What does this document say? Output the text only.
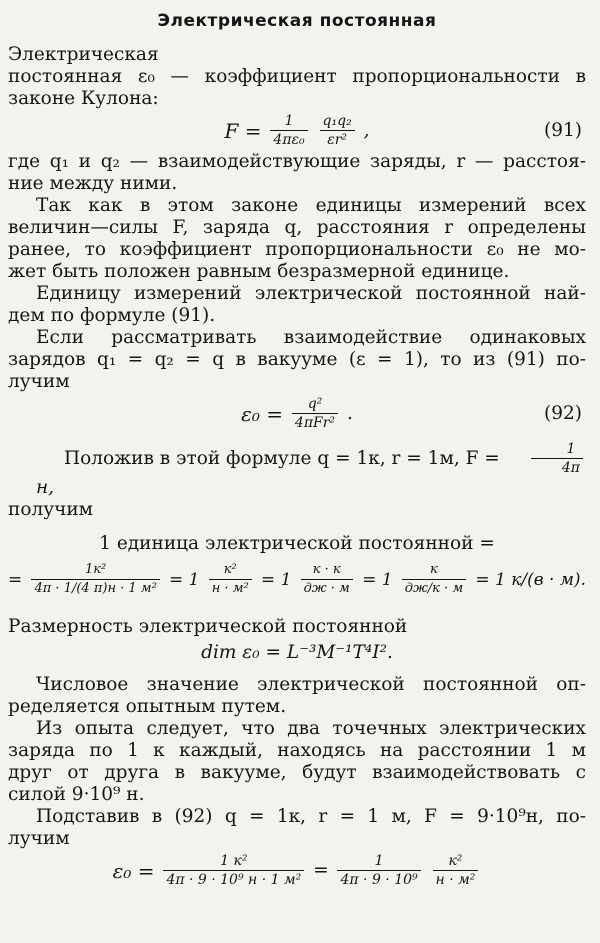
Электрическая постоянная

Электрическая

постоянная ε₀ — коэффициент пропорциональности в

законе Кулона:

$F = \frac{1}{\text{4πε₀}}$
$\frac{\text{q₁q₂}}{\text{εr²}}$ ,	(91)

где q₁ и q₂ — взаимодействующие заряды, r — расстоя-

ние между ними.

Так как в этом законе единицы измерений всех

величин—силы F, заряда q, расстояния r определены

ранее, то коэффициент пропорциональности ε₀ не мо-

жет быть положен равным безразмерной единице.

Единицу измерений электрической постоянной най-

дем по формуле (91).

Если рассматривать взаимодействие одинаковых

зарядов q₁ = q₂ = q в вакууме (ε = 1), то из (91) по-

лучим

$\varepsilon_0 = \frac{\text{q²}}{\text{4πFr²}}$ .	(92)

Положив в этой формуле q = 1к, r = 1м, $F = \frac{1}{4\pi}$
н,

получим

1 единица электрической постоянной =
= $\frac{\text{1к²}}{\text{4π · 1/(4 π)н · 1 м²}} = 1 \frac{\text{к²}}{\text{н · м²}} = 1 \frac{к \cdot к}{дж \cdot м} = 1 \frac{к}{дж/к \cdot м} = 1$ к/(в · м).

Размерность электрической постоянной

dim ε₀ = L⁻³M⁻¹T⁴I².

Числовое значение электрической постоянной оп-

ределяется опытным путем.

Из опыта следует, что два точечных электрических

заряда по 1 к каждый, находясь на расстоянии 1 м

друг от друга в вакууме, будут взаимодействовать с

силой 9·10⁹ н.

Подставив в (92) q = 1к, r = 1 м, F = 9·10⁹н, по-

лучим

$\varepsilon_0 = \frac{\text{1 к²}}{\text{4π · 9 · 10⁹ н · 1 м²}} = \frac{1}{\text{4π · 9 · 10⁹}}$
$\frac{\text{к²}}{\text{н · м²}}$
